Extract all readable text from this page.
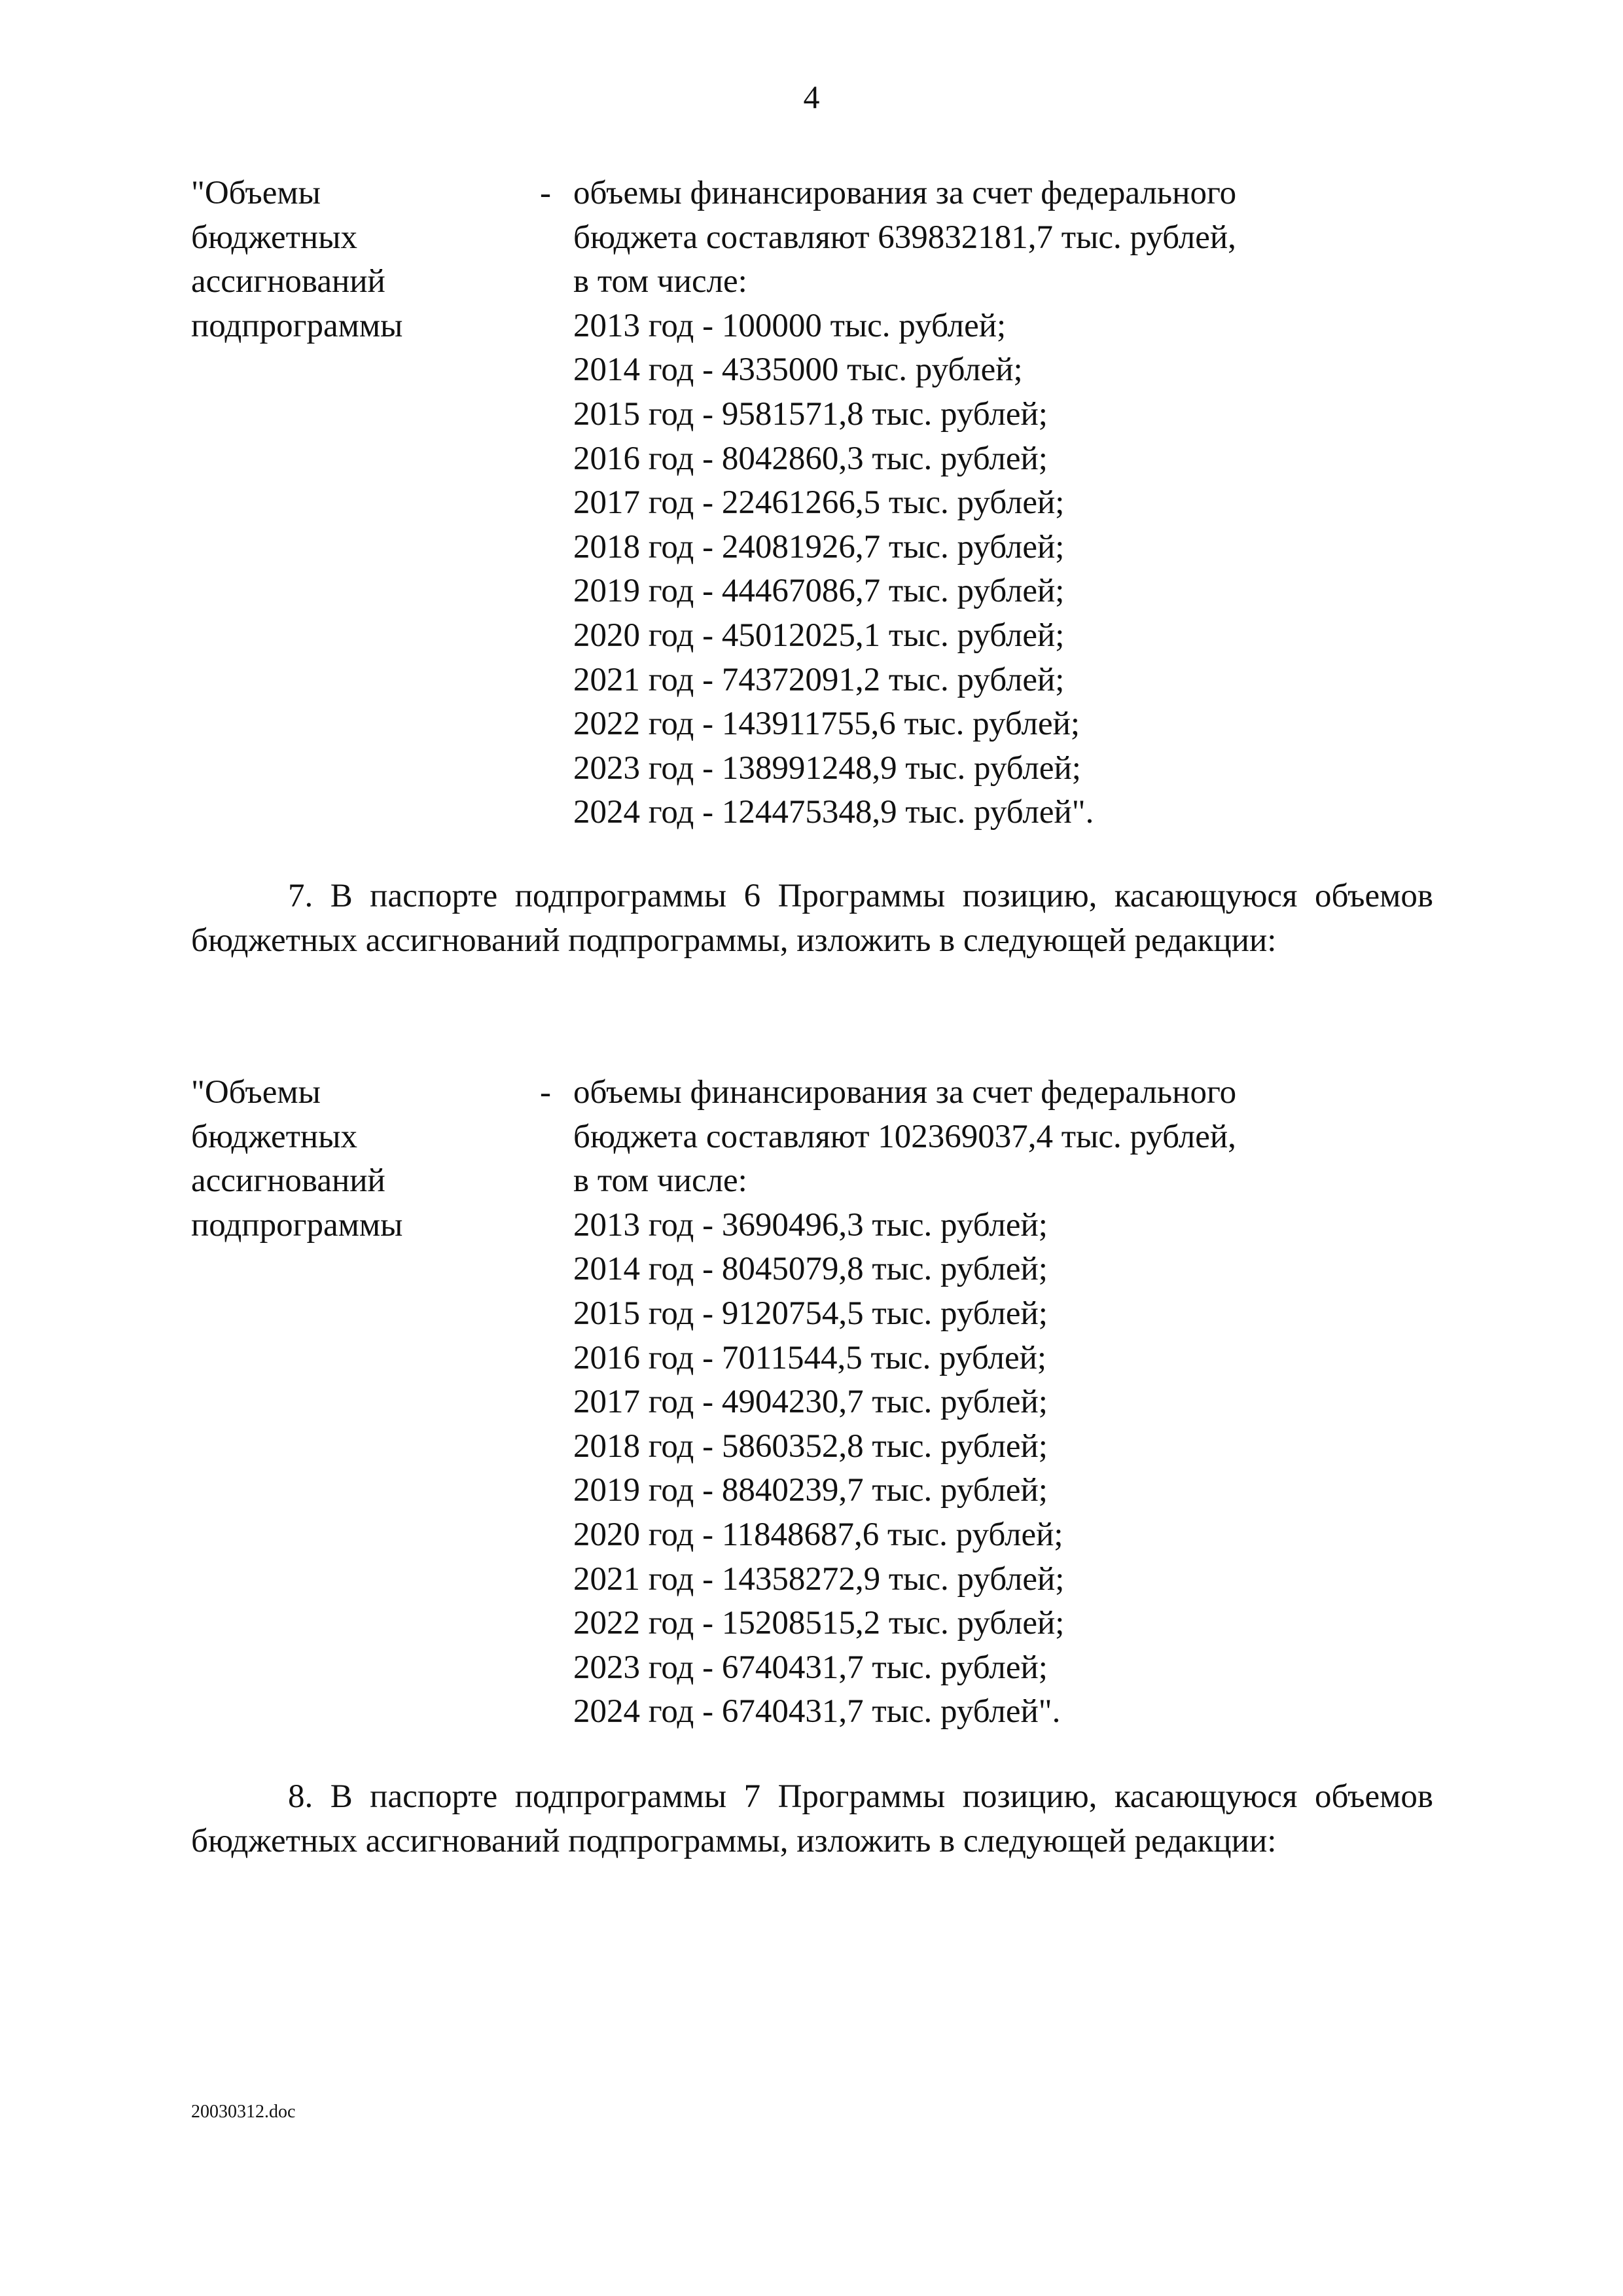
4
"Объемы
бюджетных
ассигнований
подпрограммы
- объемы финансирования за счет федерального
бюджета составляют 639832181,7 тыс. рублей,
в том числе:
2013 год - 100000 тыс. рублей;
2014 год - 4335000 тыс. рублей;
2015 год - 9581571,8 тыс. рублей;
2016 год - 8042860,3 тыс. рублей;
2017 год - 22461266,5 тыс. рублей;
2018 год - 24081926,7 тыс. рублей;
2019 год - 44467086,7 тыс. рублей;
2020 год - 45012025,1 тыс. рублей;
2021 год - 74372091,2 тыс. рублей;
2022 год - 143911755,6 тыс. рублей;
2023 год - 138991248,9 тыс. рублей;
2024 год - 124475348,9 тыс. рублей".
7. В паспорте подпрограммы 6 Программы позицию, касающуюся объемов бюджетных ассигнований подпрограммы, изложить в следующей редакции:
"Объемы
бюджетных
ассигнований
подпрограммы
- объемы финансирования за счет федерального
бюджета составляют 102369037,4 тыс. рублей,
в том числе:
2013 год - 3690496,3 тыс. рублей;
2014 год - 8045079,8 тыс. рублей;
2015 год - 9120754,5 тыс. рублей;
2016 год - 7011544,5 тыс. рублей;
2017 год - 4904230,7 тыс. рублей;
2018 год - 5860352,8 тыс. рублей;
2019 год - 8840239,7 тыс. рублей;
2020 год - 11848687,6 тыс. рублей;
2021 год - 14358272,9 тыс. рублей;
2022 год - 15208515,2 тыс. рублей;
2023 год - 6740431,7 тыс. рублей;
2024 год - 6740431,7 тыс. рублей".
8. В паспорте подпрограммы 7 Программы позицию, касающуюся объемов бюджетных ассигнований подпрограммы, изложить в следующей редакции:
20030312.doc
